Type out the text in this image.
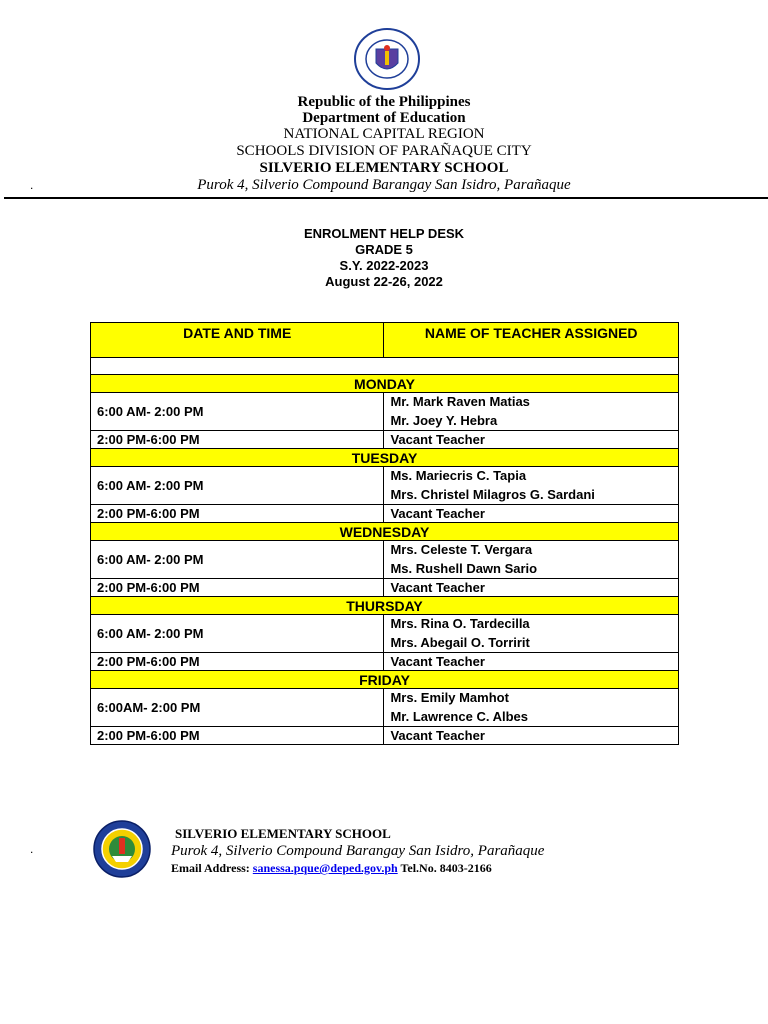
Republic of the Philippines
Department of Education
NATIONAL CAPITAL REGION
SCHOOLS DIVISION OF PARAÑAQUE CITY
SILVERIO ELEMENTARY SCHOOL
Purok 4, Silverio Compound Barangay San Isidro, Parañaque
.
ENROLMENT HELP DESK
GRADE 5
S.Y. 2022-2023
August 22-26, 2022
DATE AND TIME	NAME OF TEACHER ASSIGNED

MONDAY	
6:00 AM- 2:00 PM	Mr. Mark Raven Matias
Mr. Joey Y. Hebra

2:00 PM-6:00 PM	Vacant Teacher
TUESDAY	
6:00 AM- 2:00 PM	Ms. Mariecris C. Tapia
Mrs. Christel Milagros G. Sardani

2:00 PM-6:00 PM	Vacant Teacher
WEDNESDAY	
6:00 AM- 2:00 PM	Mrs. Celeste T. Vergara
Ms. Rushell Dawn Sario

2:00 PM-6:00 PM	Vacant Teacher
THURSDAY	
6:00 AM- 2:00 PM	Mrs. Rina O. Tardecilla
Mrs. Abegail O. Torririt

2:00 PM-6:00 PM	Vacant Teacher
FRIDAY	
6:00AM- 2:00 PM	Mrs. Emily Mamhot
Mr. Lawrence C. Albes

2:00 PM-6:00 PM	Vacant Teacher
.
SILVERIO ELEMENTARY SCHOOL
Purok 4, Silverio Compound Barangay San Isidro, Parañaque
Email Address: sanessa.pque@deped.gov.ph Tel.No. 8403-2166
